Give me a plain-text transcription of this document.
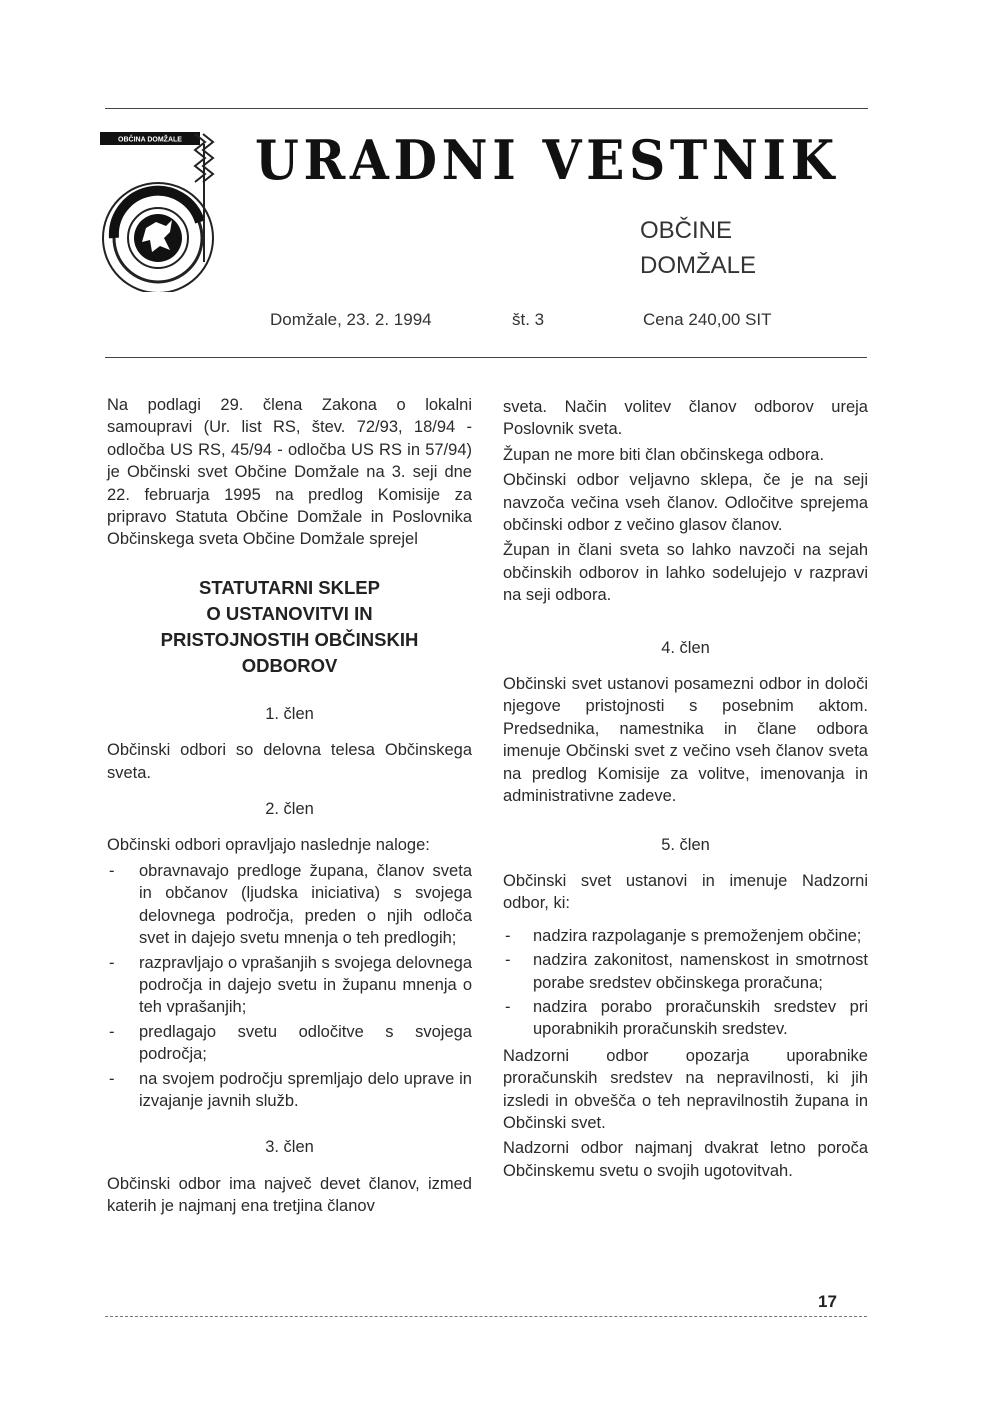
OBČINA DOMŽALE URADNI VESTNIK
OBČINE
DOMŽALE
Domžale, 23. 2. 1994	št. 3	Cena 240,00 SIT

Na podlagi 29. člena Zakona o lokalni samoupravi (Ur. list RS, štev. 72/93, 18/94 - odločba US RS, 45/94 - odločba US RS in 57/94) je Občinski svet Občine Domžale na 3. seji dne 22. februarja 1995 na predlog Komisije za pripravo Statuta Občine Domžale in Poslovnika Občinskega sveta Občine Domžale sprejel

STATUTARNI SKLEP
O USTANOVITVI IN
PRISTOJNOSTIH OBČINSKIH
ODBOROV
1. člen

Občinski odbori so delovna telesa Občinskega sveta.

2. člen

Občinski odbori opravljajo naslednje naloge:

- obravnavajo predloge župana, članov sveta in občanov (ljudska iniciativa) s svojega delovnega področja, preden o njih odloča svet in dajejo svetu mnenja o teh predlogih;
- razpravljajo o vprašanjih s svojega delovnega področja in dajejo svetu in županu mnenja o teh vprašanjih;
- predlagajo svetu odločitve s svojega področja;
- na svojem področju spremljajo delo uprave in izvajanje javnih služb.
3. člen

Občinski odbor ima največ devet članov, izmed katerih je najmanj ena tretjina članov

sveta. Način volitev članov odborov ureja Poslovnik sveta.

Župan ne more biti član občinskega odbora.

Občinski odbor veljavno sklepa, če je na seji navzoča večina vseh članov. Odločitve sprejema občinski odbor z večino glasov članov.

Župan in člani sveta so lahko navzoči na sejah občinskih odborov in lahko sodelujejo v razpravi na seji odbora.

4. člen

Občinski svet ustanovi posamezni odbor in določi njegove pristojnosti s posebnim aktom. Predsednika, namestnika in člane odbora imenuje Občinski svet z večino vseh članov sveta na predlog Komisije za volitve, imenovanja in administrativne zadeve.

5. člen

Občinski svet ustanovi in imenuje Nadzorni odbor, ki:

- nadzira razpolaganje s premoženjem občine;
- nadzira zakonitost, namenskost in smotrnost porabe sredstev občinskega proračuna;
- nadzira porabo proračunskih sredstev pri uporabnikih proračunskih sredstev.

Nadzorni odbor opozarja uporabnike proračunskih sredstev na nepravilnosti, ki jih izsledi in obvešča o teh nepravilnostih župana in Občinski svet.

Nadzorni odbor najmanj dvakrat letno poroča Občinskemu svetu o svojih ugotovitvah.

17
